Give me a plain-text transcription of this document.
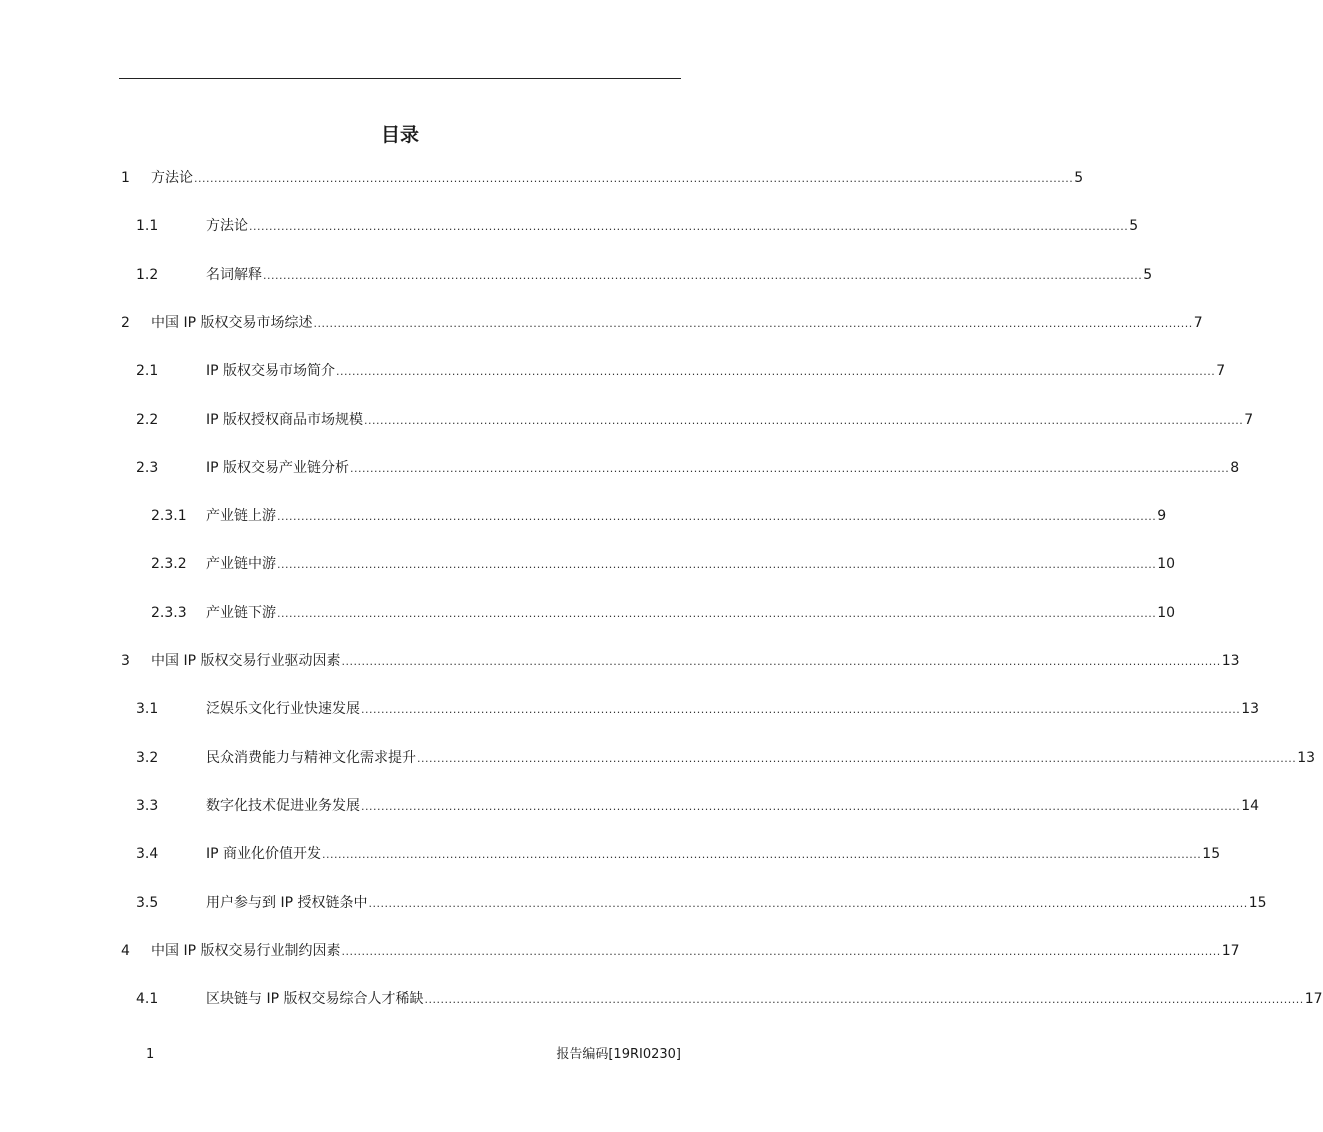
目录
1 方法论 ............................................................................................................................................................................................................................ 5
1.1	方法论 ............................................................................................................................................................................................................................ 5
1.2	名词解释 ............................................................................................................................................................................................................................ 5
2 中国 IP 版权交易市场综述 ............................................................................................................................................................................................................................ 7
2.1	IP 版权交易市场简介 ............................................................................................................................................................................................................................ 7
2.2	IP 版权授权商品市场规模 ............................................................................................................................................................................................................................ 7
2.3	IP 版权交易产业链分析 ............................................................................................................................................................................................................................ 8
2.3.1 产业链上游 ............................................................................................................................................................................................................................ 9
2.3.2 产业链中游 ............................................................................................................................................................................................................................ 10
2.3.3 产业链下游 ............................................................................................................................................................................................................................ 10
3 中国 IP 版权交易行业驱动因素 ............................................................................................................................................................................................................................ 13
3.1	泛娱乐文化行业快速发展 ............................................................................................................................................................................................................................ 13
3.2	民众消费能力与精神文化需求提升 ............................................................................................................................................................................................................................ 13
3.3	数字化技术促进业务发展 ............................................................................................................................................................................................................................ 14
3.4	IP 商业化价值开发 ............................................................................................................................................................................................................................ 15
3.5	用户参与到 IP 授权链条中 ............................................................................................................................................................................................................................ 15
4 中国 IP 版权交易行业制约因素 ............................................................................................................................................................................................................................ 17
4.1	区块链与 IP 版权交易综合人才稀缺 ............................................................................................................................................................................................................................ 17
1	报告编码[19RI0230]
